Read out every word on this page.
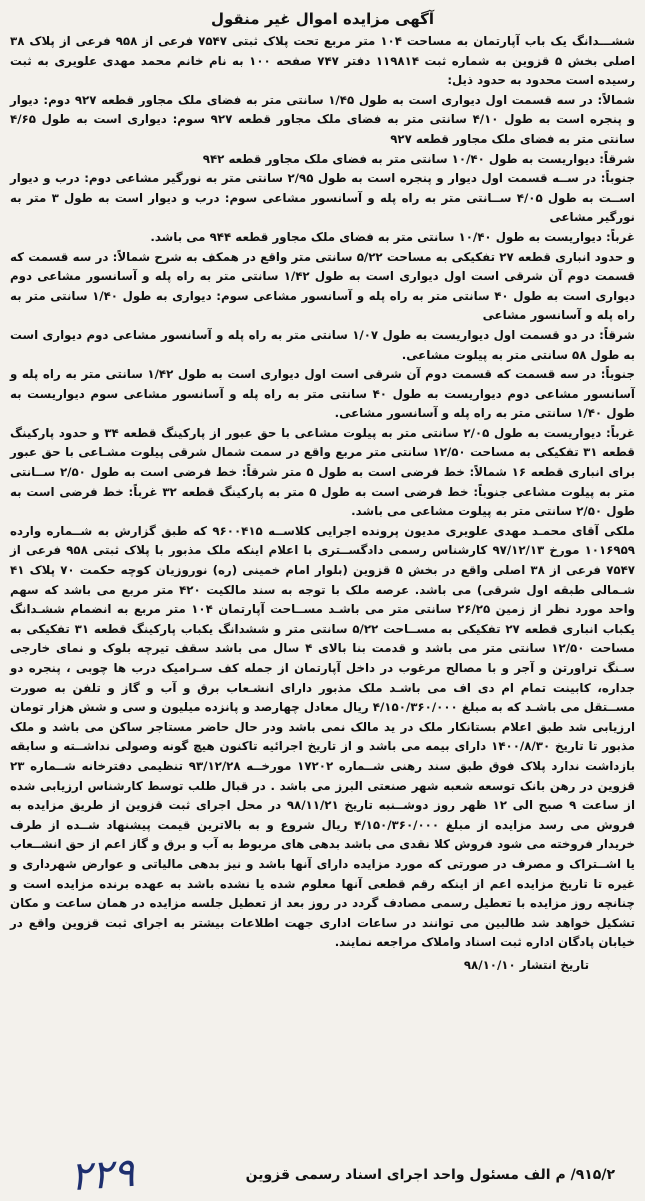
آگهی مزایده اموال غیر منقول

ششـــدانگ یک باب آپارتمان به مساحت ۱۰۴ متر مربع تحت پلاک ثبتی ۷۵۴۷ فرعی از ۹۵۸ فرعی از پلاک ۳۸ اصلی بخش ۵ قزوین به شماره ثبت ۱۱۹۸۱۴ دفتر ۷۴۷ صفحه ۱۰۰ به نام خانم محمد مهدی علویری به ثبت رسیده است محدود به حدود ذیل:

شمالاً: در سه قسمت اول دیواری است به طول ۱/۴۵ سانتی متر به فضای ملک مجاور قطعه ۹۲۷ دوم: دیوار و پنجره است به طول ۴/۱۰ سانتی متر به فضای ملک مجاور قطعه ۹۲۷ سوم: دیواری است به طول ۴/۶۵ سانتی متر به فضای ملک مجاور قطعه ۹۲۷

شرقاً: دیواریست به طول ۱۰/۴۰ سانتی متر به فضای ملک مجاور قطعه ۹۴۲

جنوباً: در ســه قسمت اول دیوار و پنجره است به طول ۲/۹۵ سانتی متر به نورگیر مشاعی دوم: درب و دیوار اســت به طول ۴/۰۵ ســانتی متر به راه پله و آسانسور مشاعی سوم: درب و دیوار است به طول ۳ متر به نورگیر مشاعی

غرباً: دیواریست به طول ۱۰/۴۰ سانتی متر به فضای ملک مجاور قطعه ۹۴۴ می باشد.

و حدود انباری قطعه ۲۷ تفکیکی به مساحت ۵/۲۲ سانتی متر واقع در همکف به شرح شمالاً: در سه قسمت که قسمت دوم آن شرقی است اول دیواری است به طول ۱/۴۲ سانتی متر به راه پله و آسانسور مشاعی دوم دیواری است به طول ۴۰ سانتی متر به راه پله و آسانسور مشاعی سوم: دیواری به طول ۱/۴۰ سانتی متر به راه پله و آسانسور مشاعی

شرقاً: در دو قسمت اول دیواریست به طول ۱/۰۷ سانتی متر به راه پله و آسانسور مشاعی دوم دیواری است به طول ۵۸ سانتی متر به پیلوت مشاعی.

جنوباً: در سه قسمت که قسمت دوم آن شرقی است اول دیواری است به طول ۱/۴۲ سانتی متر به راه پله و آسانسور مشاعی دوم دیواریست به طول ۴۰ سانتی متر به راه پله و آسانسور مشاعی سوم دیواریست به طول ۱/۴۰ سانتی متر به راه پله و آسانسور مشاعی.

غرباً: دیواریست به طول ۲/۰۵ سانتی متر به پیلوت مشاعی با حق عبور از پارکینگ قطعه ۳۴ و حدود پارکینگ قطعه ۳۱ تفکیکی به مساحت ۱۲/۵۰ سانتی متر مربع واقع در سمت شمال شرقی پیلوت مشـاعی با حق عبور برای انباری قطعه ۱۶ شمالاً: خط فرضی است به طول ۵ متر شرقاً: خط فرضی است به طول ۲/۵۰ ســانتی متر به پیلوت مشاعی جنوباً: خط فرضی است به طول ۵ متر به پارکینگ قطعه ۳۲ غرباً: خط فرضی است به طول ۲/۵۰ سانتی متر به پیلوت مشاعی می باشد.

ملکی آقای محمـد مهدی علویری مدیون پرونده اجرایی کلاســه ۹۶۰۰۴۱۵ که طبق گزارش به شــماره وارده ۱۰۱۶۹۵۹ مورخ ۹۷/۱۲/۱۳ کارشناس رسمی دادگســتری با اعلام اینکه ملک مذبور با پلاک ثبتی ۹۵۸ فرعی از ۷۵۴۷ فرعی از ۳۸ اصلی واقع در بخش ۵ قزوین (بلوار امام خمینی (ره) نوروزیان کوچه حکمت ۷۰ پلاک ۴۱ شـمالی طبقه اول شرقی) می باشد. عرصه ملک با توجه به سند مالکیت ۴۲۰ متر مربع می باشد که سهم واحد مورد نظر از زمین ۲۶/۲۵ سانتی متر می باشـد مســاحت آپارتمان ۱۰۴ متر مربع به انضمام ششـدانگ یکباب انباری قطعه ۲۷ تفکیکی به مســاحت ۵/۲۲ سانتی متر و ششدانگ یکباب پارکینگ قطعه ۳۱ تفکیکی به مساحت ۱۲/۵۰ سانتی متر می باشد و قدمت بنا بالای ۴ سال می باشد سقف تیرچه بلوک و نمای خارجی سـنگ تراورتن و آجر و با مصالح مرغوب در داخل آپارتمان از جمله کف سـرامیک درب ها چوبی ، پنجره دو جداره، کابینت تمام ام دی اف می باشـد ملک مذبور دارای انشـعاب برق و آب و گاز و تلفن به صورت مســتقل می باشـد که به مبلغ ۴/۱۵۰/۳۶۰/۰۰۰ ریال معادل چهارصد و پانزده میلیون و سی و شش هزار تومان ارزیابی شد طبق اعلام بستانکار ملک در ید مالک نمی باشد ودر حال حاضر مستاجر ساکن می باشد و ملک مذبور تا تاریخ ۱۴۰۰/۸/۳۰ دارای بیمه می باشد و از تاریخ اجرائیه تاکنون هیچ گونه وصولی نداشــته و سابقه بازداشت ندارد پلاک فوق طبق سند رهنی شــماره ۱۷۲۰۲ مورخــه ۹۳/۱۲/۲۸ تنظیمی دفترخانه شــماره ۲۳ قزوین در رهن بانک توسعه شعبه شهر صنعتی البرز می باشد . در قبال طلب توسط کارشناس ارزیابی شده از ساعت ۹ صبح الی ۱۲ ظهر روز دوشــنبه تاریخ ۹۸/۱۱/۲۱ در محل اجرای ثبت قزوین از طریق مزایده به فروش می رسد مزایده از مبلغ ۴/۱۵۰/۳۶۰/۰۰۰ ریال شروع و به بالاترین قیمت پیشنهاد شــده از طرف خریدار فروخته می شود فروش کلا نقدی می باشد بدهی های مربوط به آب و برق و گاز اعم از حق انشــعاب یا اشــتراک و مصرف در صورتی که مورد مزایده دارای آنها باشد و نیز بدهی مالیاتی و عوارض شهرداری و غیره تا تاریخ مزایده اعم از اینکه رقم قطعی آنها معلوم شده یا نشده باشد به عهده برنده مزایده است و چنانچه روز مزایده با تعطیل رسمی مصادف گردد در روز بعد از تعطیل جلسه مزایده در همان ساعت و مکان تشکیل خواهد شد طالبین می توانند در ساعات اداری جهت اطلاعات بیشتر به اجرای ثبت قزوین واقع در خیابان پادگان اداره ثبت اسناد واملاک مراجعه نمایند.

تاریخ انتشار ۹۸/۱۰/۱۰
۹۱۵/۲/ م الف مسئول واحد اجرای اسناد رسمی قزوین
۲۲۹
